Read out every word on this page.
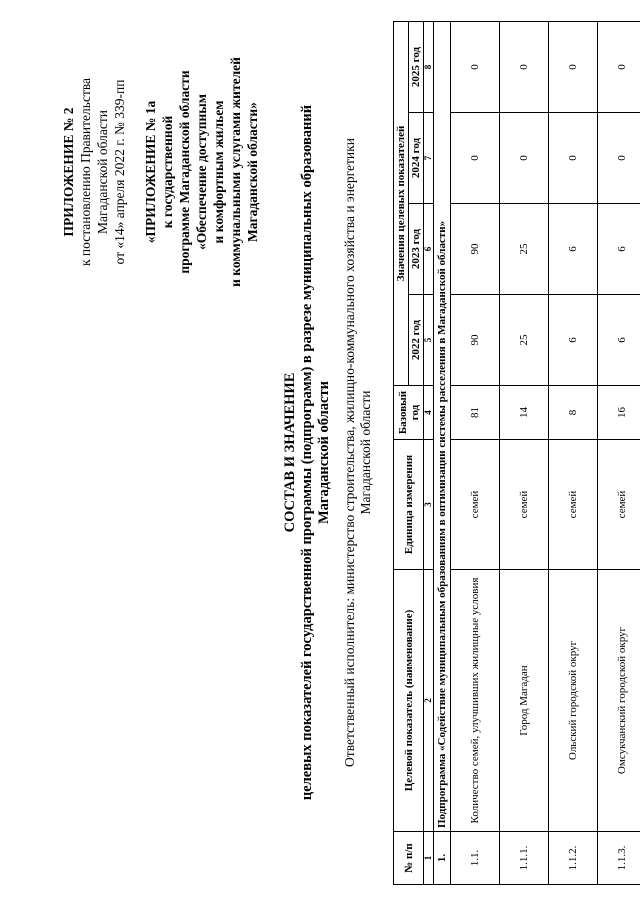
ПРИЛОЖЕНИЕ № 2 к постановлению Правительства Магаданской области от «14» апреля 2022 г. № 339-пп «ПРИЛОЖЕНИЕ № 1а к государственной программе Магаданской области «Обеспечение доступным и комфортным жильем и коммунальными услугами жителей Магаданской области»
СОСТАВ И ЗНАЧЕНИЕ целевых показателей государственной программы (подпрограмм) в разрезе муниципальных образований Магаданской области Ответственный исполнитель: министерство строительства, жилищно-коммунального хозяйства и энергетики Магаданской области
№ п/п	Целевой показатель (наименование)	Единица измерения	Базовый год	Значения целевых показателей			
				2022 год	2023 год	2024 год	2025 год
1	2	3	4	5	6	7	8
1.	Подпрограмма «Содействие муниципальным образованиям в оптимизации системы расселения в Магаданской области»						
1.1.	Количество семей, улучшивших жилищные условия	семей	81	90	90	0	0
1.1.1.	Город Магадан	семей	14	25	25	0	0
1.1.2.	Ольский городской округ	семей	8	6	6	0	0
1.1.3.	Омсукчанский городской округ	семей	16	6	6	0	0
